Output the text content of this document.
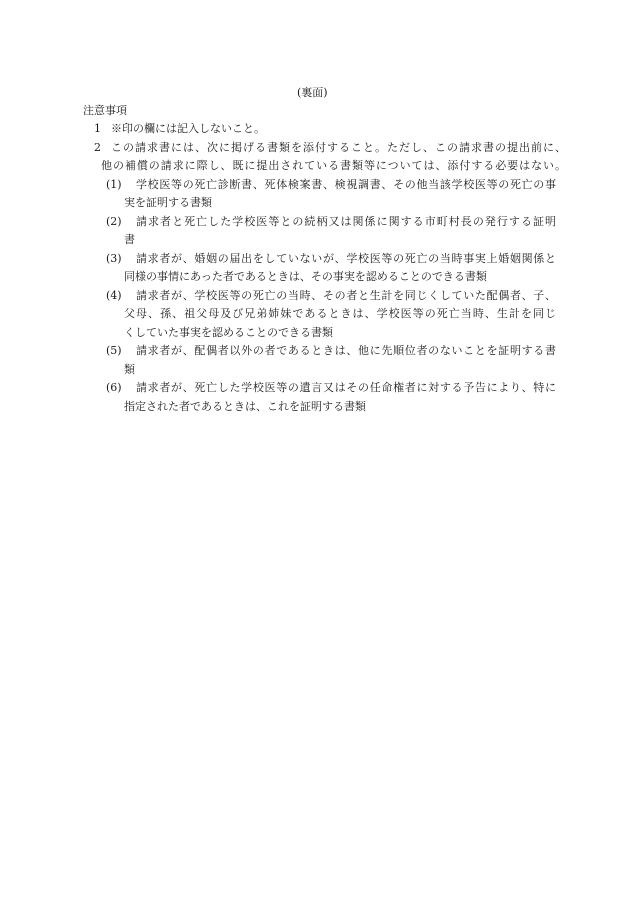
(裏面)
注意事項
1 ※印の欄には記入しないこと。
2 この請求書には、次に掲げる書類を添付すること。ただし、この請求書の提出前に、
他の補償の請求に際し、既に提出されている書類等については、添付する必要はない。
(1) 学校医等の死亡診断書、死体検案書、検視調書、その他当該学校医等の死亡の事
実を証明する書類
(2) 請求者と死亡した学校医等との続柄又は関係に関する市町村長の発行する証明
書
(3) 請求者が、婚姻の届出をしていないが、学校医等の死亡の当時事実上婚姻関係と
同様の事情にあった者であるときは、その事実を認めることのできる書類
(4) 請求者が、学校医等の死亡の当時、その者と生計を同じくしていた配偶者、子、
父母、孫、祖父母及び兄弟姉妹であるときは、学校医等の死亡当時、生計を同じ
くしていた事実を認めることのできる書類
(5) 請求者が、配偶者以外の者であるときは、他に先順位者のないことを証明する書
類
(6) 請求者が、死亡した学校医等の遺言又はその任命権者に対する予告により、特に
指定された者であるときは、これを証明する書類
